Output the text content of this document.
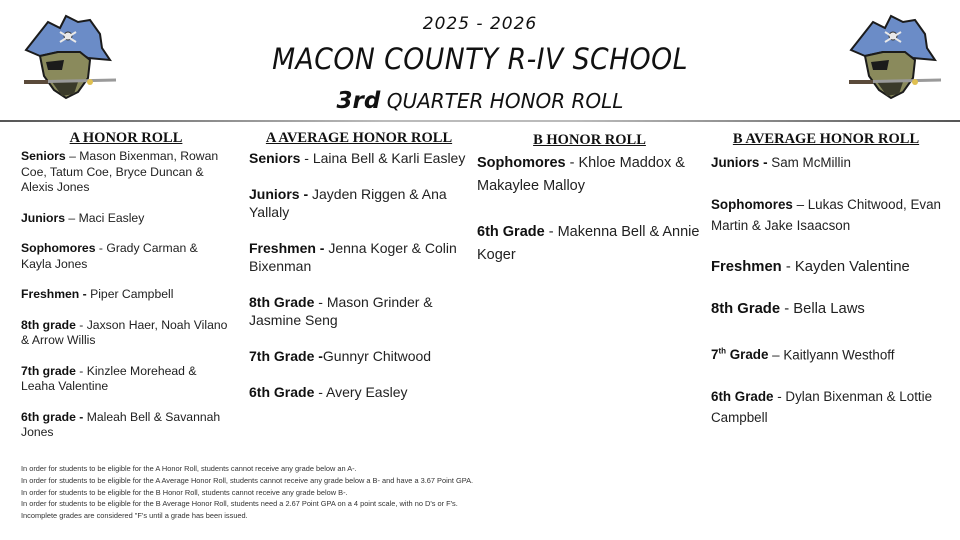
2025 - 2026
MACON COUNTY R-IV SCHOOL
3rd QUARTER HONOR ROLL
A HONOR ROLL

Seniors – Mason Bixenman, Rowan Coe, Tatum Coe, Bryce Duncan & Alexis Jones

Juniors – Maci Easley

Sophomores - Grady Carman & Kayla Jones

Freshmen - Piper Campbell

8th grade - Jaxson Haer, Noah Vilano & Arrow Willis

7th grade - Kinzlee Morehead & Leaha Valentine

6th grade - Maleah Bell & Savannah Jones

A AVERAGE HONOR ROLL

Seniors - Laina Bell & Karli Easley

Juniors - Jayden Riggen & Ana Yallaly

Freshmen - Jenna Koger & Colin Bixenman

8th Grade - Mason Grinder & Jasmine Seng

7th Grade -Gunnyr Chitwood

6th Grade - Avery Easley

B HONOR ROLL

Sophomores - Khloe Maddox & Makaylee Malloy

6th Grade - Makenna Bell & Annie Koger

B AVERAGE HONOR ROLL

Juniors - Sam McMillin

Sophomores – Lukas Chitwood, Evan Martin & Jake Isaacson

Freshmen - Kayden Valentine

8th Grade - Bella Laws

7th Grade – Kaitlyann Westhoff

6th Grade - Dylan Bixenman & Lottie Campbell

In order for students to be eligible for the A Honor Roll, students cannot receive any grade below an A-.

In order for students to be eligible for the A Average Honor Roll, students cannot receive any grade below a B- and have a 3.67 Point GPA.

In order for students to be eligible for the B Honor Roll, students cannot receive any grade below B-.

In order for students to be eligible for the B Average Honor Roll, students need a 2.67 Point GPA on a 4 point scale, with no D's or F's.

Incomplete grades are considered "F's until a grade has been issued.
